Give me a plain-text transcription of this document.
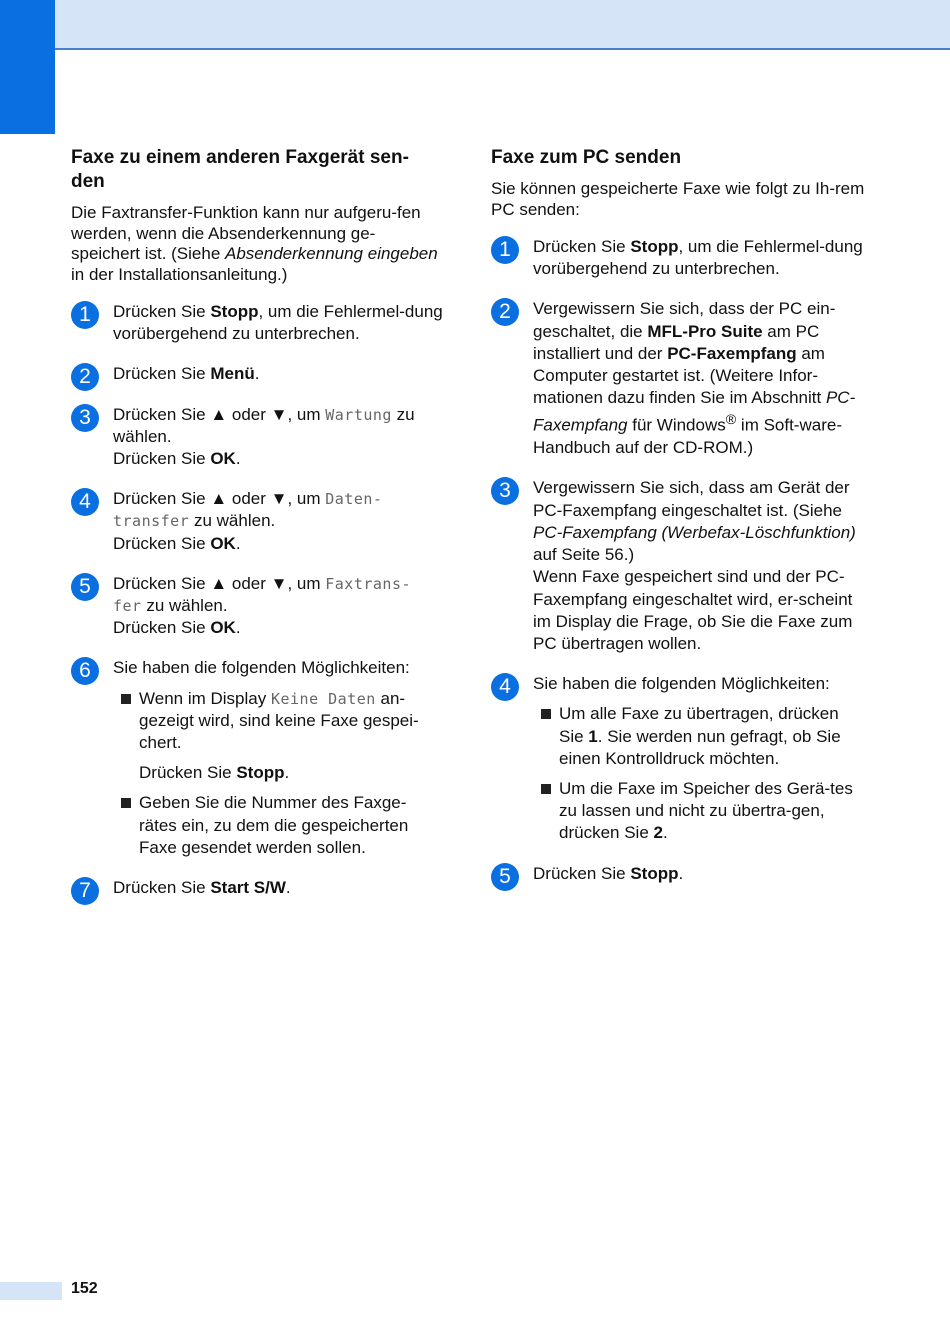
Faxe zu einem anderen Faxgerät sen-
den

Die Faxtransfer-Funktion kann nur aufgeru-fen werden, wenn die Absenderkennung ge-speichert ist. (Siehe Absenderkennung eingeben in der Installationsanleitung.)

1	Drücken Sie Stopp, um die Fehlermel-dung vorübergehend zu unterbrechen.
2	Drücken Sie Menü.
3	Drücken Sie ▲ oder ▼, um Wartung zu wählen.
Drücken Sie OK.
4	Drücken Sie ▲ oder ▼, um Daten-
transfer zu wählen.
Drücken Sie OK.
5	Drücken Sie ▲ oder ▼, um Faxtrans-
fer zu wählen.
Drücken Sie OK.
6	Sie haben die folgenden Möglichkeiten:
Wenn im Display Keine Daten an-gezeigt wird, sind keine Faxe gespei-chert.
Drücken Sie Stopp.
Geben Sie die Nummer des Faxge-rätes ein, zu dem die gespeicherten Faxe gesendet werden sollen.
7	Drücken Sie Start S/W.
Faxe zum PC senden

Sie können gespeicherte Faxe wie folgt zu Ih-rem PC senden:

1	Drücken Sie Stopp, um die Fehlermel-dung vorübergehend zu unterbrechen.
2	Vergewissern Sie sich, dass der PC ein-geschaltet, die MFL-Pro Suite am PC installiert und der PC-Faxempfang am Computer gestartet ist. (Weitere Infor-mationen dazu finden Sie im Abschnitt PC-Faxempfang für Windows® im Soft-ware-Handbuch auf der CD-ROM.)
3	Vergewissern Sie sich, dass am Gerät der PC-Faxempfang eingeschaltet ist. (Siehe PC-Faxempfang (Werbefax-Löschfunktion) auf Seite 56.)
Wenn Faxe gespeichert sind und der PC-Faxempfang eingeschaltet wird, er-scheint im Display die Frage, ob Sie die Faxe zum PC übertragen wollen.
4	Sie haben die folgenden Möglichkeiten:
Um alle Faxe zu übertragen, drücken Sie 1. Sie werden nun gefragt, ob Sie einen Kontrolldruck möchten.
Um die Faxe im Speicher des Gerä-tes zu lassen und nicht zu übertra-gen, drücken Sie 2.
5	Drücken Sie Stopp.
152
